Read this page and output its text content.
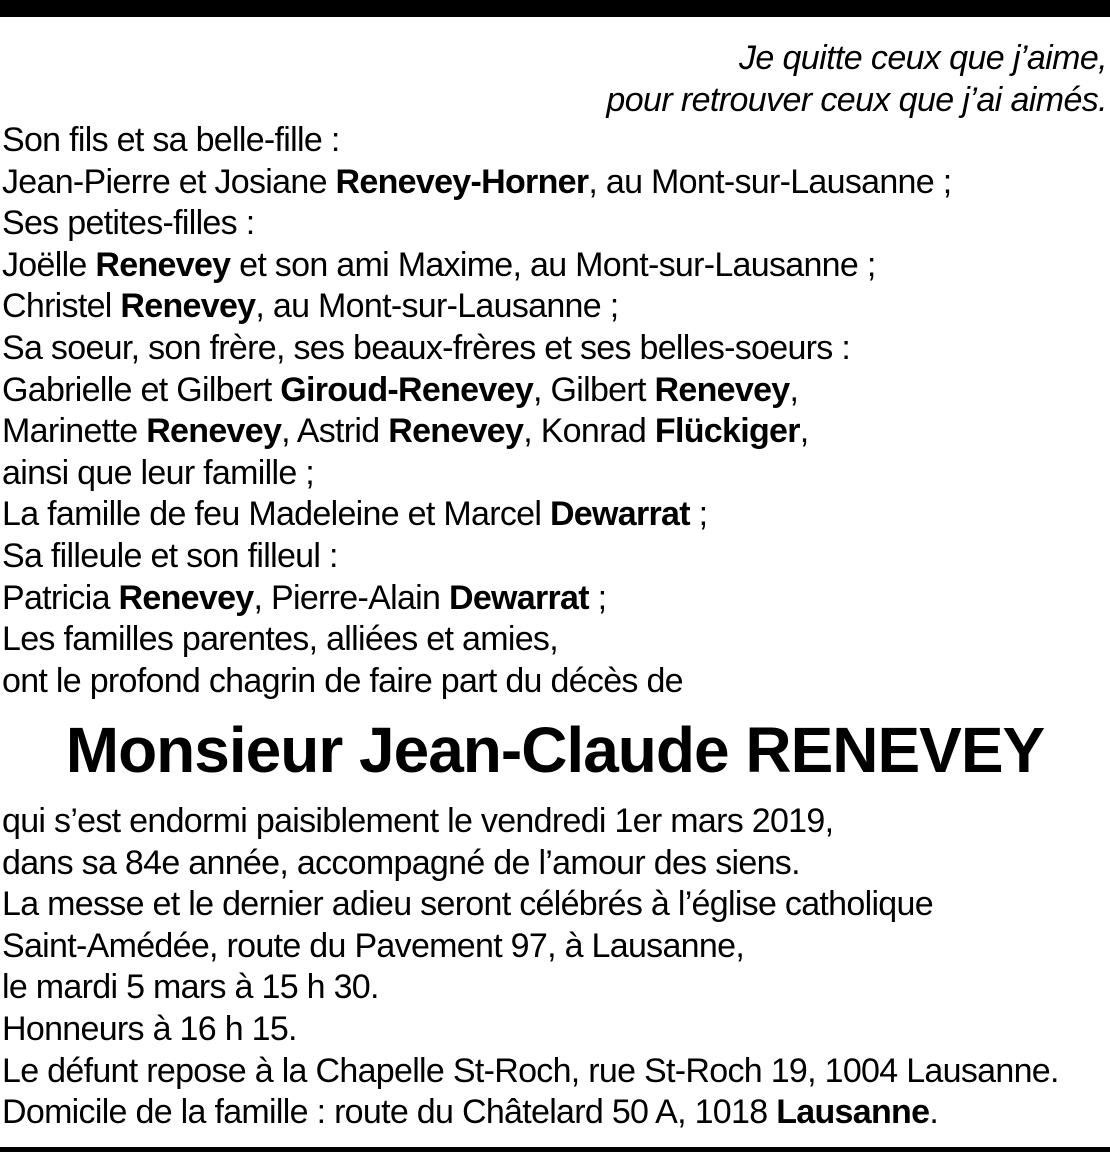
Je quitte ceux que j’aime,
pour retrouver ceux que j’ai aimés.
Son fils et sa belle-fille :
Jean-Pierre et Josiane Renevey-Horner, au Mont-sur-Lausanne ;
Ses petites-filles :
Joëlle Renevey et son ami Maxime, au Mont-sur-Lausanne ;
Christel Renevey, au Mont-sur-Lausanne ;
Sa soeur, son frère, ses beaux-frères et ses belles-soeurs :
Gabrielle et Gilbert Giroud-Renevey, Gilbert Renevey,
Marinette Renevey, Astrid Renevey, Konrad Flückiger,
ainsi que leur famille ;
La famille de feu Madeleine et Marcel Dewarrat ;
Sa filleule et son filleul :
Patricia Renevey, Pierre-Alain Dewarrat ;
Les familles parentes, alliées et amies,
ont le profond chagrin de faire part du décès de
Monsieur Jean-Claude RENEVEY
qui s’est endormi paisiblement le vendredi 1er mars 2019,
dans sa 84e année, accompagné de l’amour des siens.
La messe et le dernier adieu seront célébrés à l’église catholique
Saint-Amédée, route du Pavement 97, à Lausanne,
le mardi 5 mars à 15 h 30.
Honneurs à 16 h 15.
Le défunt repose à la Chapelle St-Roch, rue St-Roch 19, 1004 Lausanne.
Domicile de la famille : route du Châtelard 50 A, 1018 Lausanne.
